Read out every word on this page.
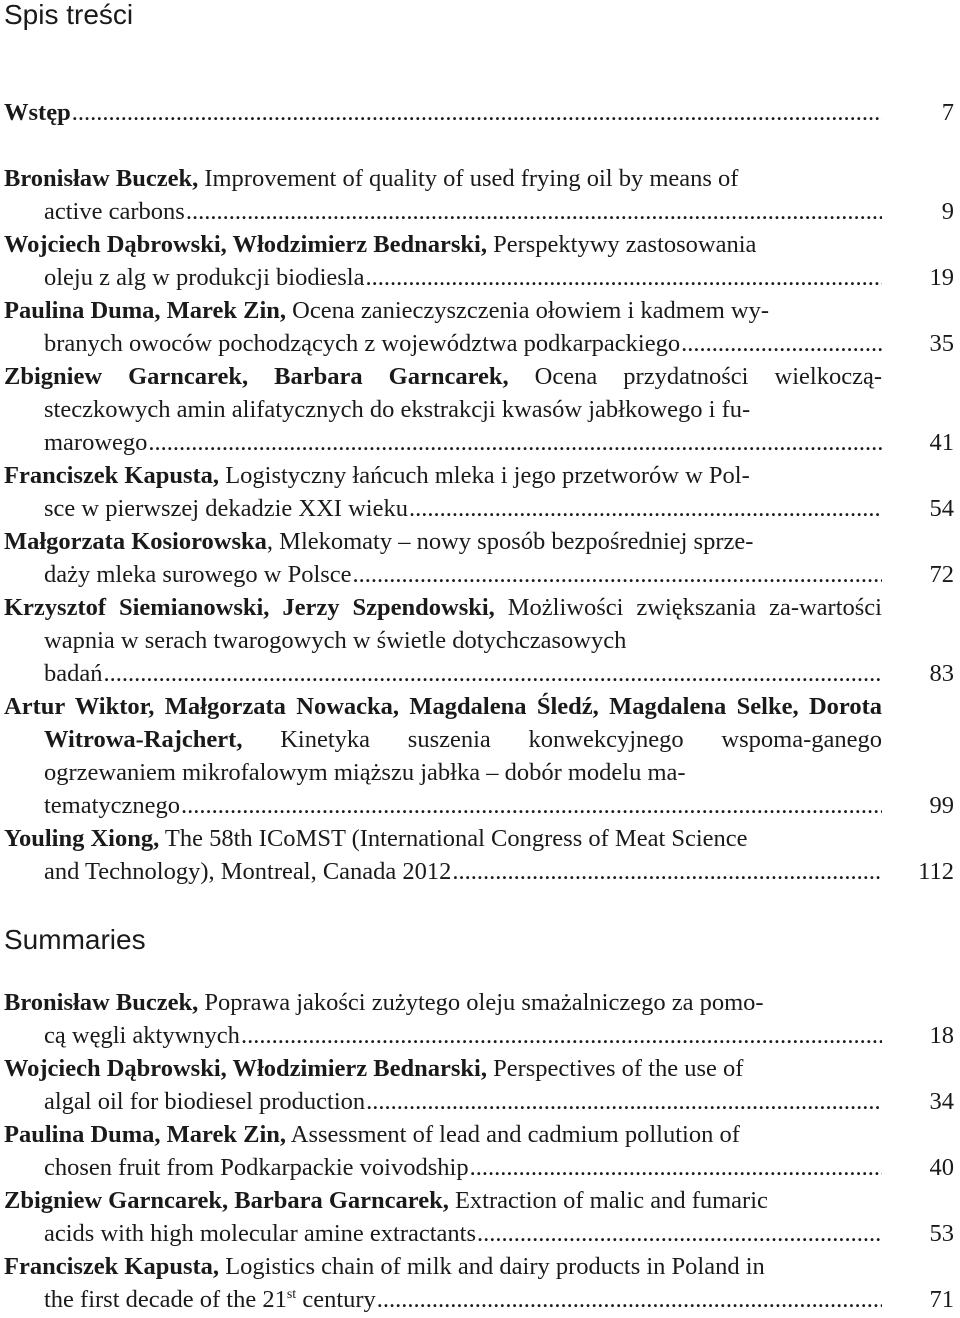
Spis treści
Wstęp .....	7
Bronisław Buczek, Improvement of quality of used frying oil by means of
active carbons .....	9
Wojciech Dąbrowski, Włodzimierz Bednarski, Perspektywy zastosowania
oleju z alg w produkcji biodiesla .....	19
Paulina Duma, Marek Zin, Ocena zanieczyszczenia ołowiem i kadmem wy-
branych owoców pochodzących z województwa podkarpackiego .....	35
Zbigniew Garncarek, Barbara Garncarek, Ocena przydatności wielkoczą-steczkowych amin alifatycznych do ekstrakcji kwasów jabłkowego i fu-
marowego .....	41
Franciszek Kapusta, Logistyczny łańcuch mleka i jego przetworów w Pol-
sce w pierwszej dekadzie XXI wieku .....	54
Małgorzata Kosiorowska, Mlekomaty – nowy sposób bezpośredniej sprze-
daży mleka surowego w Polsce .....	72
Krzysztof Siemianowski, Jerzy Szpendowski, Możliwości zwiększania za-wartości wapnia w serach twarogowych w świetle dotychczasowych
badań .....	83
Artur Wiktor, Małgorzata Nowacka, Magdalena Śledź, Magdalena Selke, Dorota Witrowa-Rajchert, Kinetyka suszenia konwekcyjnego wspoma-ganego ogrzewaniem mikrofalowym miąższu jabłka – dobór modelu ma-
tematycznego .....	99
Youling Xiong, The 58th ICoMST (International Congress of Meat Science
and Technology), Montreal, Canada 2012 .....	112
Summaries
Bronisław Buczek, Poprawa jakości zużytego oleju smażalniczego za pomo-
cą węgli aktywnych .....	18
Wojciech Dąbrowski, Włodzimierz Bednarski, Perspectives of the use of
algal oil for biodiesel production .....	34
Paulina Duma, Marek Zin, Assessment of lead and cadmium pollution of
chosen fruit from Podkarpackie voivodship .....	40
Zbigniew Garncarek, Barbara Garncarek, Extraction of malic and fumaric
acids with high molecular amine extractants .....	53
Franciszek Kapusta, Logistics chain of milk and dairy products in Poland in
the first decade of the 21st century .....	71
